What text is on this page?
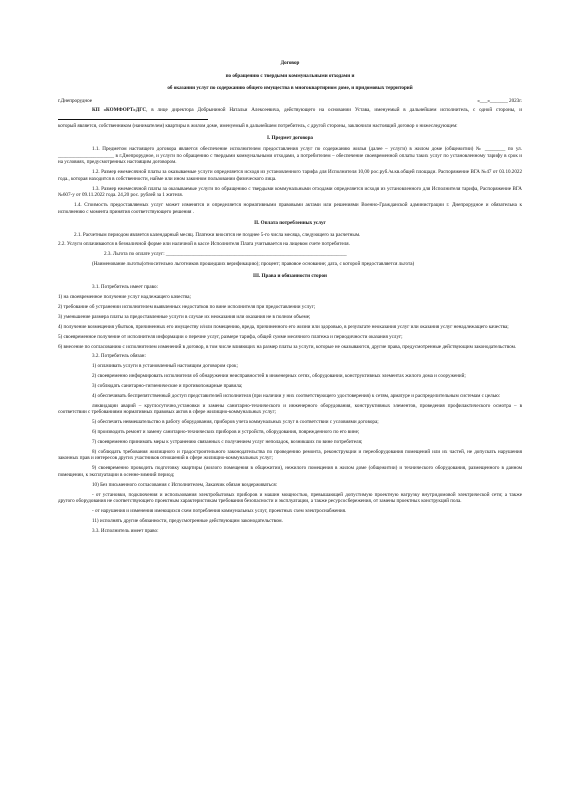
Договор

по обращению с твердыми коммунальными отходами и

об оказании услуг по содержанию общего имущества в многоквартирном доме, и придомовых территорий

г.Днепрорудное	«___»_______ 2023г.

КП «КОМФОРТ»ДГС, в лице директора Добрыниной Натальи Алексеевича, действующего на основании Устава, именуемый в дальнейшем исполнитель, с одной стороны, и

который является, собственником (нанимателем) квартиры в жилом доме, именуемый в дальнейшем потребитель, с другой стороны, заключили настоящий договор о нижеследующем:

I. Предмет договора

1.1. Предметом настоящего договора является обеспечение исполнителем предоставления услуг по содержанию жилья (далее – услуги) в жилом доме (общежитии) № ________ по ул. ______________________ в г.Днепрорудное, и услуги по обращению с твердыми коммунальными отходами, а потребителем – обеспечение своевременной оплаты таких услуг по установленному тарифу в срок и на условиях, предусмотренных настоящим договором.

1.2. Размер ежемесячной платы за оказываемые услуги определяется исходя из установленного тарифа для Исполнителя 10,00 рос.руб./м.кв.общей площади. Распоряжение ВГА №47 от 03.10.2022 года., которая находится в собственности, наймe или ином законном пользовании физического лица.

1.3. Размер ежемесячной платы за оказываемые услуги по обращению с твердыми коммунальными отходами определяется исходя из установленного для Исполнителя тарифа, Распоряжение ВГА №607-у от 09.11.2022 года. 24,20 рос. рублей за 1 жителя.

1.4. Стоимость предоставляемых услуг может изменятся и определяется нормативными правовыми актами или решениями Военно-Гражданской администрации г. Днепрорудное и обязательна к исполнению с момента принятия соответствующего решения .

II. Оплата потребленных услуг

2.1. Расчетным периодом является календарный месяц. Платежи вносятся не позднее 5-го числа месяца, следующего за расчетным.

2.2. Услуги оплачиваются в безналичной форме или наличной в кассе Исполнителя Плата учитывается на лицевом счете потребителя.

2.3. Льгота по оплате услуг: _______________________________________________________________________

(Наименование льготы(относительно льготников прошедших верификацию); процент; правовое основание; дата, с которой предоставляется льгота)

III. Права и обязанности сторон

3.1. Потребитель имеет право:

1) на своевременное получение услуг надлежащего качества;

2) требование об устранении исполнителем выявленных недостатков по вине исполнителя при предоставлении услуг;

3) уменьшение размера платы за предоставленные услуги в случае их неоказания или оказания не в полном объеме;

4) получение возмещения убытков, причиненных его имуществу и/или помещению, вреда, причиненного его жизни или здоровью, в результате неоказания услуг или оказания услуг ненадлежащего качества;

5) своевременное получение от исполнителя информации о перечне услуг, размере тарифа, общей сумме месячного платежа и периодичности оказания услуг;

6) внесение по согласованию с исполнителем изменений в договор, в том числе влияющих на размер платы за услуги, которые не оказываются, другие права, предусмотренные действующим законодательством.

3.2. Потребитель обязан:

1) оплачивать услуги в установленный настоящим договором срок;

2) своевременно информировать исполнителя об обнаружении неисправностей в инженерных сетях, оборудовании, конструктивных элементах жилого дома и сооружений;

3) соблюдать санитарно-гигиенические и противопожарные правила;

4) обеспечивать беспрепятственный доступ представителей исполнителя (при наличии у них соответствующего удостоверения) к сетям, арматуре и распределительным системам с целью:

ликвидации аварий – круглосуточно,установки и замены санитарно-технического и инженерного оборудования, конструктивных элементов, проведения профилактического осмотра – в соответствии с требованиями нормативных правовых актов в сфере жилищно-коммунальных услуг;

5) обеспечить невмешательство в работу оборудования, приборов учета коммунальных услуг в соответствии с условиями договора;

6) производить ремонт и замену санитарно-технических приборов и устройств, оборудования, поврежденного по его вине;

7) своевременно принимать меры к устранению связанных с получением услуг неполадок, возникших по вине потребителя;

8) соблюдать требования жилищного и градостроительного законодательства по проведению ремонта, реконструкции и переоборудования помещений или их частей, не допускать нарушения законных прав и интересов других участников отношений в сфере жилищно-коммунальных услуг;

9) своевременно проводить подготовку квартиры (жилого помещения в общежитии), нежилого помещения в жилом доме (общежитии) и технического оборудования, размещенного в данном помещении, к эксплуатации в осенне-зимний период;

10) Без письменного согласования с Исполнителем, Заказчик обязан воздерживаться:

- от установки, подключения и использования электробытовых приборов и машин мощностью, превышающей допустимую проектную нагрузку внутридомовой электрической сети; а также другого оборудования не соответствующего проектным характеристикам требования безопасности и эксплуатации, а также ресурсосбережения, от замены проектных конструкций пола.

- от нарушения и изменения имеющихся схем потребления коммунальных услуг, проектных схем электроснабжения.

11) исполнять другие обязанности, предусмотренные действующим законодательством.

3.3. Исполнитель имеет право:
